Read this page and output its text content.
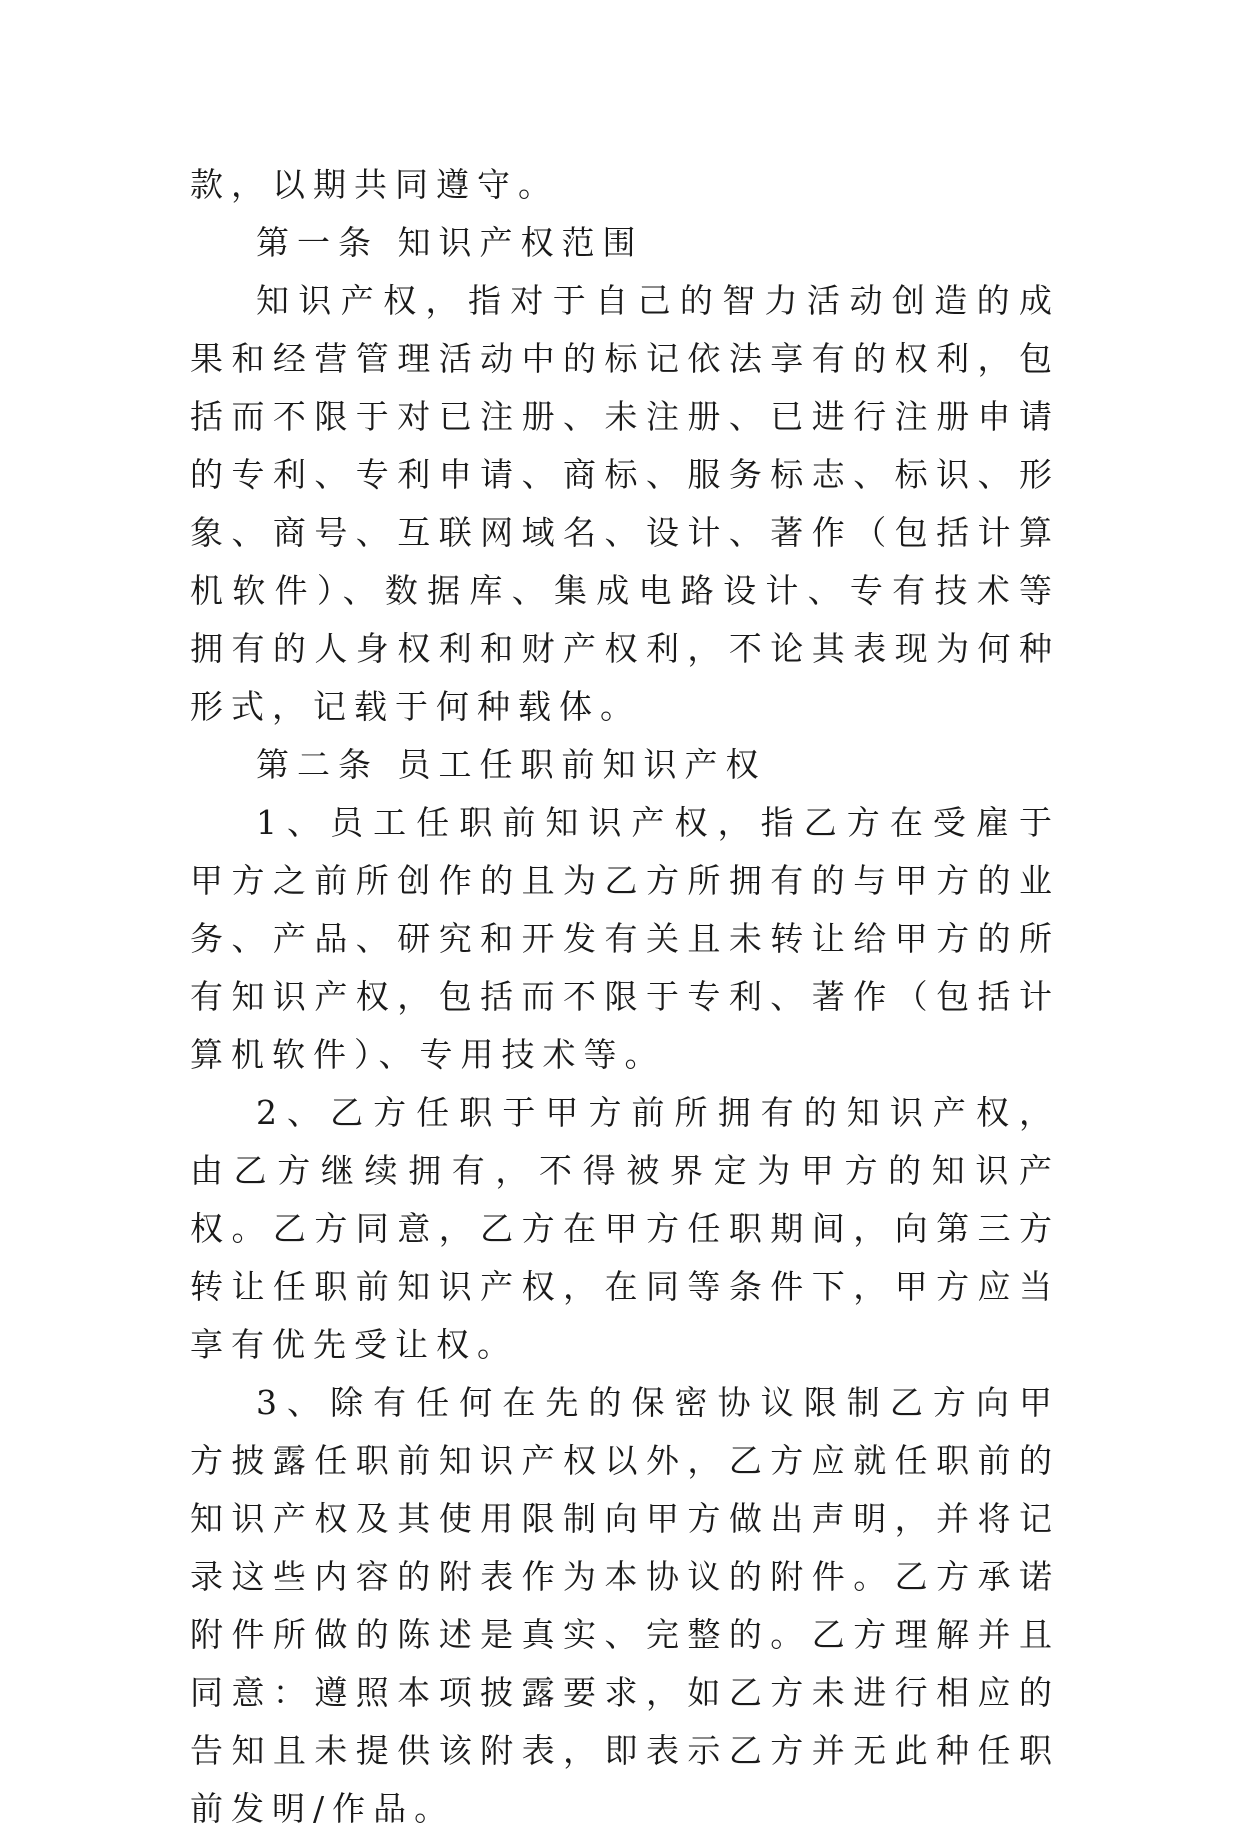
款，以期共同遵守。

第一条 知识产权范围

知识产权，指对于自己的智力活动创造的成果和经营管理活动中的标记依法享有的权利，包括而不限于对已注册、未注册、已进行注册申请的专利、专利申请、商标、服务标志、标识、形象、商号、互联网域名、设计、著作（包括计算机软件）、数据库、集成电路设计、专有技术等拥有的人身权利和财产权利，不论其表现为何种形式，记载于何种载体。

第二条 员工任职前知识产权

1、员工任职前知识产权，指乙方在受雇于甲方之前所创作的且为乙方所拥有的与甲方的业务、产品、研究和开发有关且未转让给甲方的所有知识产权，包括而不限于专利、著作（包括计算机软件）、专用技术等。

2、乙方任职于甲方前所拥有的知识产权，由乙方继续拥有，不得被界定为甲方的知识产权。乙方同意，乙方在甲方任职期间，向第三方转让任职前知识产权，在同等条件下，甲方应当享有优先受让权。

3、除有任何在先的保密协议限制乙方向甲方披露任职前知识产权以外，乙方应就任职前的知识产权及其使用限制向甲方做出声明，并将记录这些内容的附表作为本协议的附件。乙方承诺附件所做的陈述是真实、完整的。乙方理解并且同意：遵照本项披露要求，如乙方未进行相应的告知且未提供该附表，即表示乙方并无此种任职前发明/作品。
